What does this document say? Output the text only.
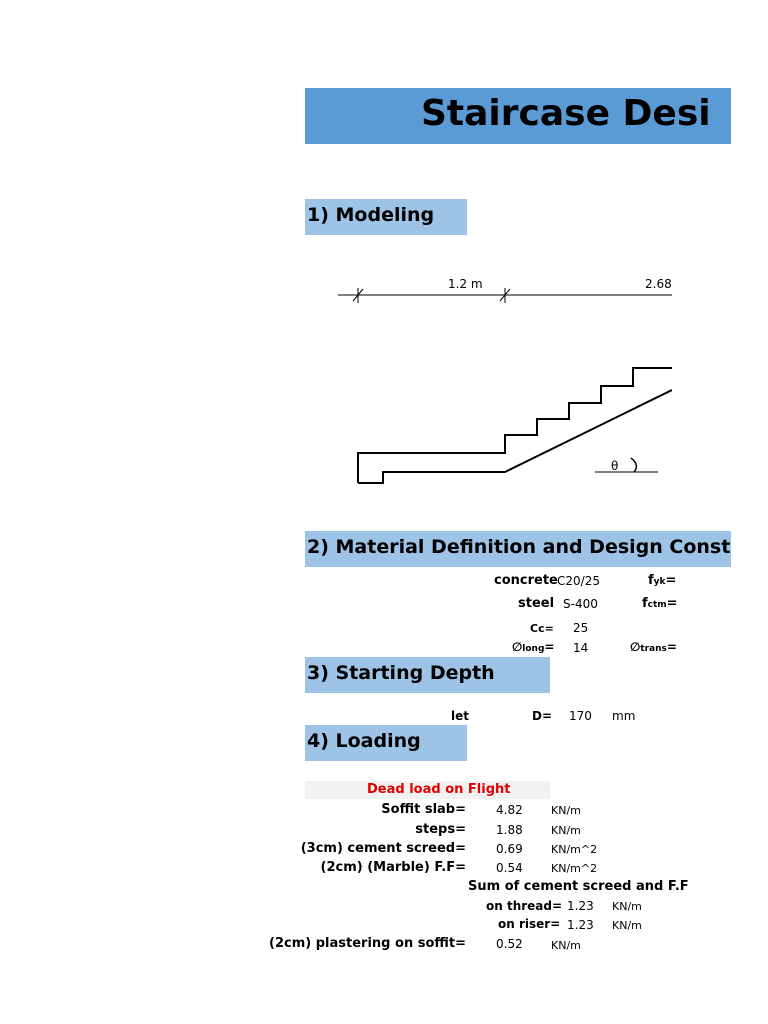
Staircase Desi
1) Modeling
1.2 m	2.68
θ
2) Material Definition and Design Const
concrete C20/25	fyk=
steel S-400	fctm=
Cc= 25
∅long= 14	∅trans=
3) Starting Depth
let	D= 170 mm
4) Loading
Dead load on Flight
Soffit slab=	4.82	KN/m
steps=	1.88	KN/m
(3cm) cement screed=	0.69	KN/m^2
(2cm) (Marble) F.F=	0.54	KN/m^2
Sum of cement screed and F.F
on thread= 1.23 KN/m
on riser= 1.23 KN/m
(2cm) plastering on soffit=	0.52	KN/m
